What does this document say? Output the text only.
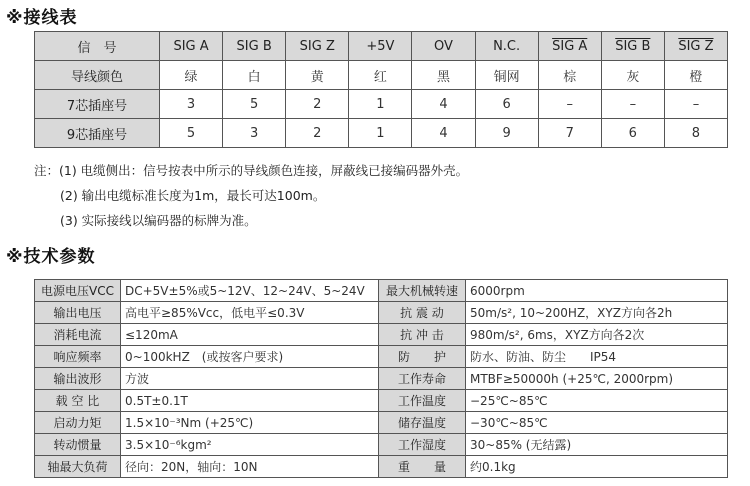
※接线表
信　号	SIG A	SIG B	SIG Z	+5V	OV	N.C.	SIG A	SIG B	SIG Z
导线颜色	绿	白	黄	红	黑	铜网	棕	灰	橙
7芯插座号	3	5	2	1	4	6	–	–	–
9芯插座号	5	3	2	1	4	9	7	6	8
注：(1) 电缆侧出：信号按表中所示的导线颜色连接，屏蔽线已接编码器外壳。
(2) 输出电缆标准长度为1m，最长可达100m。
(3) 实际接线以编码器的标牌为准。
※技术参数
电源电压VCC	DC+5V±5%或5~12V、12~24V、5~24V	最大机械转速	6000rpm
输出电压	高电平≥85%Vcc，低电平≤0.3V	抗 震 动	50m/s², 10~200HZ，XYZ方向各2h
消耗电流	≤120mA	抗 冲 击	980m/s², 6ms，XYZ方向各2次
响应频率	0~100kHZ　(或按客户要求)	防　　护	防水、防油、防尘　　IP54
输出波形	方波	工作寿命	MTBF≥50000h (+25℃, 2000rpm)
载 空 比	0.5T±0.1T	工作温度	−25℃~85℃
启动力矩	1.5×10⁻³Nm (+25℃)	储存温度	−30℃~85℃
转动惯量	3.5×10⁻⁶kgm²	工作湿度	30~85% (无结露)
轴最大负荷	径向：20N，轴向：10N	重　　量	约0.1kg
